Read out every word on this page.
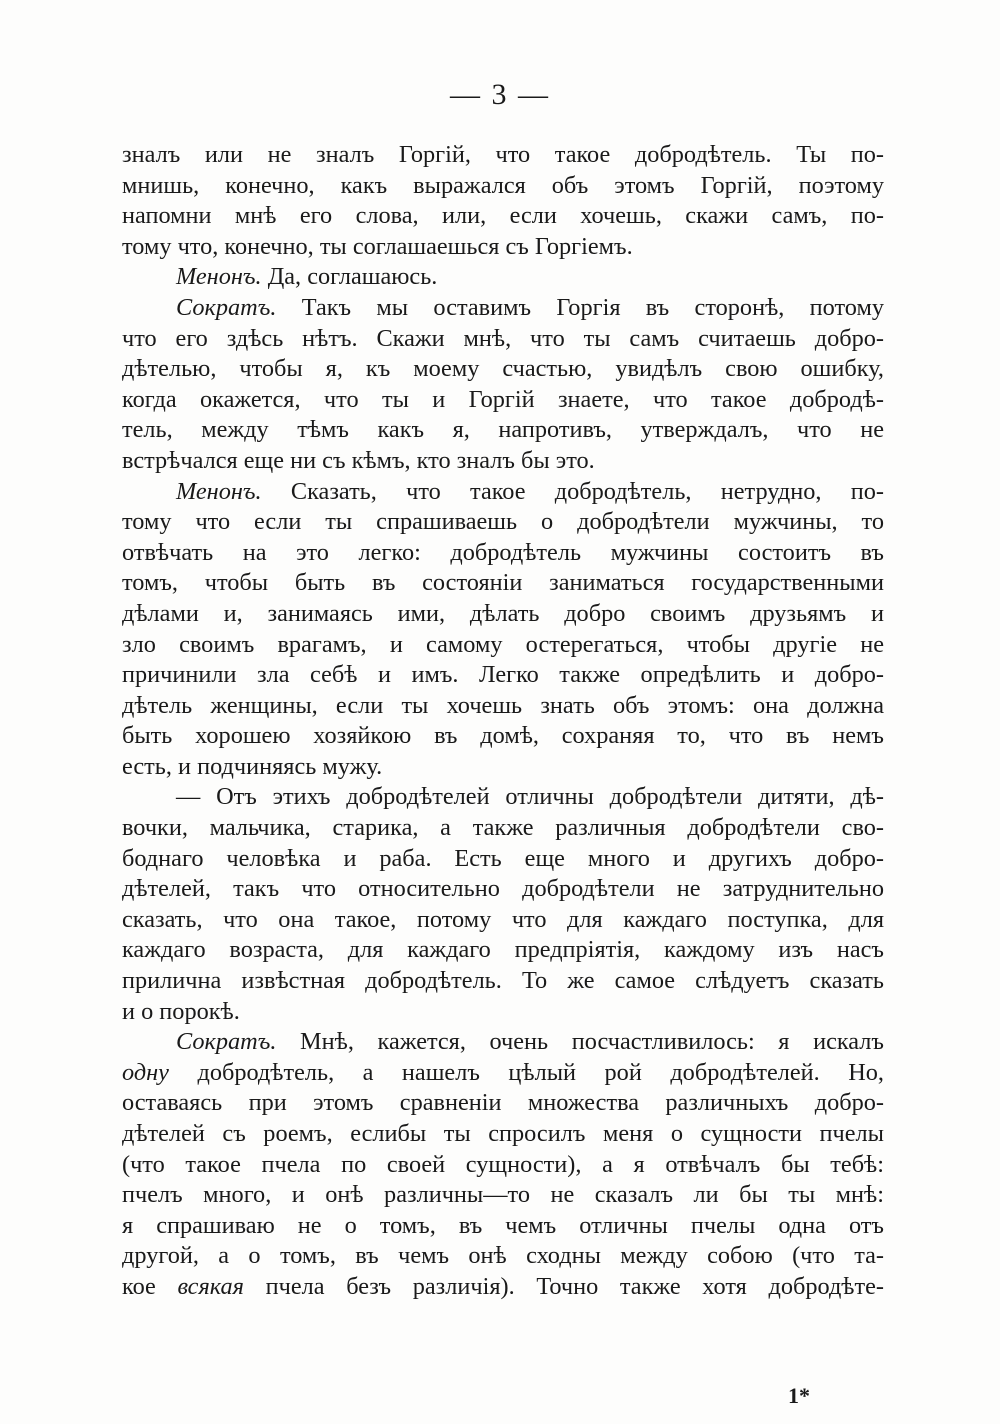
— 3 —
зналъ или не зналъ Горгій, что такое добродѣтель. Ты по-
мнишь, конечно, какъ выражался объ этомъ Горгій, поэтому
напомни мнѣ его слова, или, если хочешь, скажи самъ, по-
тому что, конечно, ты соглашаешься съ Горгіемъ.
Менонъ. Да, соглашаюсь.
Сократъ. Такъ мы оставимъ Горгія въ сторонѣ, потому
что его здѣсь нѣтъ. Скажи мнѣ, что ты самъ считаешь добро-
дѣтелью, чтобы я, къ моему счастью, увидѣлъ свою ошибку,
когда окажется, что ты и Горгій знаете, что такое добродѣ-
тель, между тѣмъ какъ я, напротивъ, утверждалъ, что не
встрѣчался еще ни съ кѣмъ, кто зналъ бы это.
Менонъ. Сказать, что такое добродѣтель, нетрудно, по-
тому что если ты спрашиваешь о добродѣтели мужчины, то
отвѣчать на это легко: добродѣтель мужчины состоитъ въ
томъ, чтобы быть въ состояніи заниматься государственными
дѣлами и, занимаясь ими, дѣлать добро своимъ друзьямъ и
зло своимъ врагамъ, и самому остерегаться, чтобы другіе не
причинили зла себѣ и имъ. Легко также опредѣлить и добро-
дѣтель женщины, если ты хочешь знать объ этомъ: она должна
быть хорошею хозяйкою въ домѣ, сохраняя то, что въ немъ
есть, и подчиняясь мужу.
— Отъ этихъ добродѣтелей отличны добродѣтели дитяти, дѣ-
вочки, мальчика, старика, а также различныя добродѣтели сво-
боднаго человѣка и раба. Есть еще много и другихъ добро-
дѣтелей, такъ что относительно добродѣтели не затруднительно
сказать, что она такое, потому что для каждаго поступка, для
каждаго возраста, для каждаго предпріятія, каждому изъ насъ
прилична извѣстная добродѣтель. То же самое слѣдуетъ сказать
и о порокѣ.
Сократъ. Мнѣ, кажется, очень посчастливилось: я искалъ
одну добродѣтель, а нашелъ цѣлый рой добродѣтелей. Но,
оставаясь при этомъ сравненіи множества различныхъ добро-
дѣтелей съ роемъ, еслибы ты спросилъ меня о сущности пчелы
(что такое пчела по своей сущности), а я отвѣчалъ бы тебѣ:
пчелъ много, и онѣ различны—то не сказалъ ли бы ты мнѣ:
я спрашиваю не о томъ, въ чемъ отличны пчелы одна отъ
другой, а о томъ, въ чемъ онѣ сходны между собою (что та-
кое всякая пчела безъ различія). Точно также хотя добродѣте-
1*
